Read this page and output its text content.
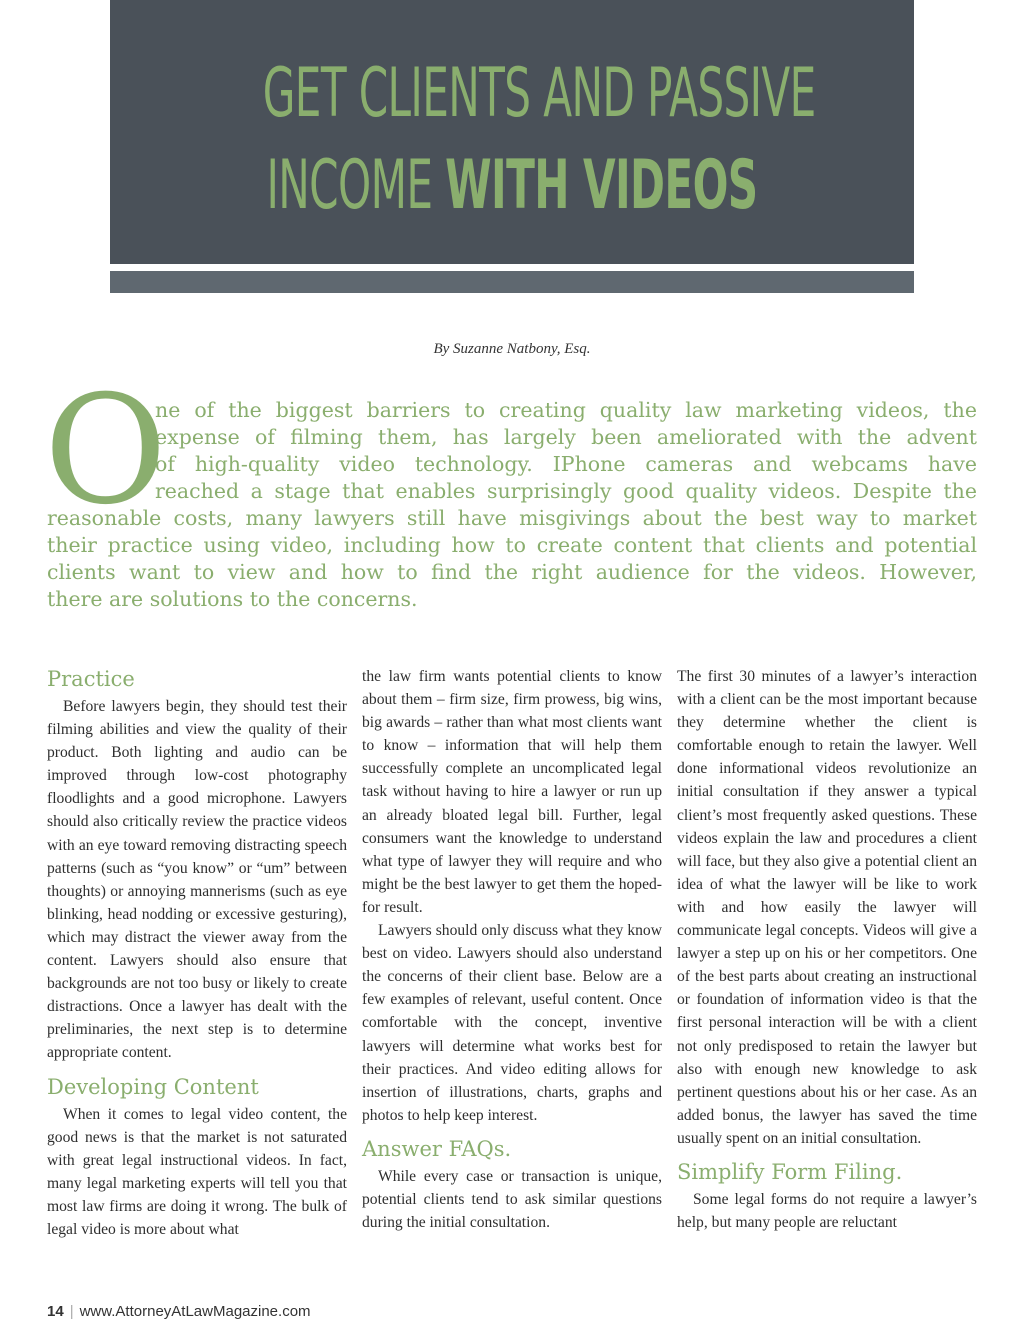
GET CLIENTS AND PASSIVE
INCOME WITH VIDEOS
By Suzanne Natbony, Esq.
O
ne of the biggest barriers to creating quality law marketing videos, the
expense of filming them, has largely been ameliorated with the advent
of high-quality video technology. IPhone cameras and webcams have
reached a stage that enables surprisingly good quality videos. Despite the
reasonable costs, many lawyers still have misgivings about the best way to market
their practice using video, including how to create content that clients and potential
clients want to view and how to find the right audience for the videos. However,
there are solutions to the concerns.
Practice

Before lawyers begin, they should test their filming abilities and view the quality of their product. Both lighting and audio can be improved through low-cost photography floodlights and a good microphone. Lawyers should also critically review the practice videos with an eye toward removing distracting speech patterns (such as “you know” or “um” between thoughts) or annoying mannerisms (such as eye blinking, head nodding or excessive gesturing), which may distract the viewer away from the content. Lawyers should also ensure that backgrounds are not too busy or likely to create distractions. Once a lawyer has dealt with the preliminaries, the next step is to determine appropriate content.

Developing Content

When it comes to legal video content, the good news is that the market is not saturated with great legal instructional videos. In fact, many legal marketing experts will tell you that most law firms are doing it wrong. The bulk of legal video is more about what

the law firm wants potential clients to know about them – firm size, firm prowess, big wins, big awards – rather than what most clients want to know – information that will help them successfully complete an uncomplicated legal task without having to hire a lawyer or run up an already bloated legal bill. Further, legal consumers want the knowledge to understand what type of lawyer they will require and who might be the best lawyer to get them the hoped-for result.

Lawyers should only discuss what they know best on video. Lawyers should also understand the concerns of their client base. Below are a few examples of relevant, useful content. Once comfortable with the concept, inventive lawyers will determine what works best for their practices. And video editing allows for insertion of illustrations, charts, graphs and photos to help keep interest.

Answer FAQs.

While every case or transaction is unique, potential clients tend to ask similar questions during the initial consultation.

The first 30 minutes of a lawyer’s interaction with a client can be the most important because they determine whether the client is comfortable enough to retain the lawyer. Well done informational videos revolutionize an initial consultation if they answer a typical client’s most frequently asked questions. These videos explain the law and procedures a client will face, but they also give a potential client an idea of what the lawyer will be like to work with and how easily the lawyer will communicate legal concepts. Videos will give a lawyer a step up on his or her competitors. One of the best parts about creating an instructional or foundation of information video is that the first personal interaction will be with a client not only predisposed to retain the lawyer but also with enough new knowledge to ask pertinent questions about his or her case. As an added bonus, the lawyer has saved the time usually spent on an initial consultation.

Simplify Form Filing.

Some legal forms do not require a lawyer’s help, but many people are reluctant

14 | www.AttorneyAtLawMagazine.com
